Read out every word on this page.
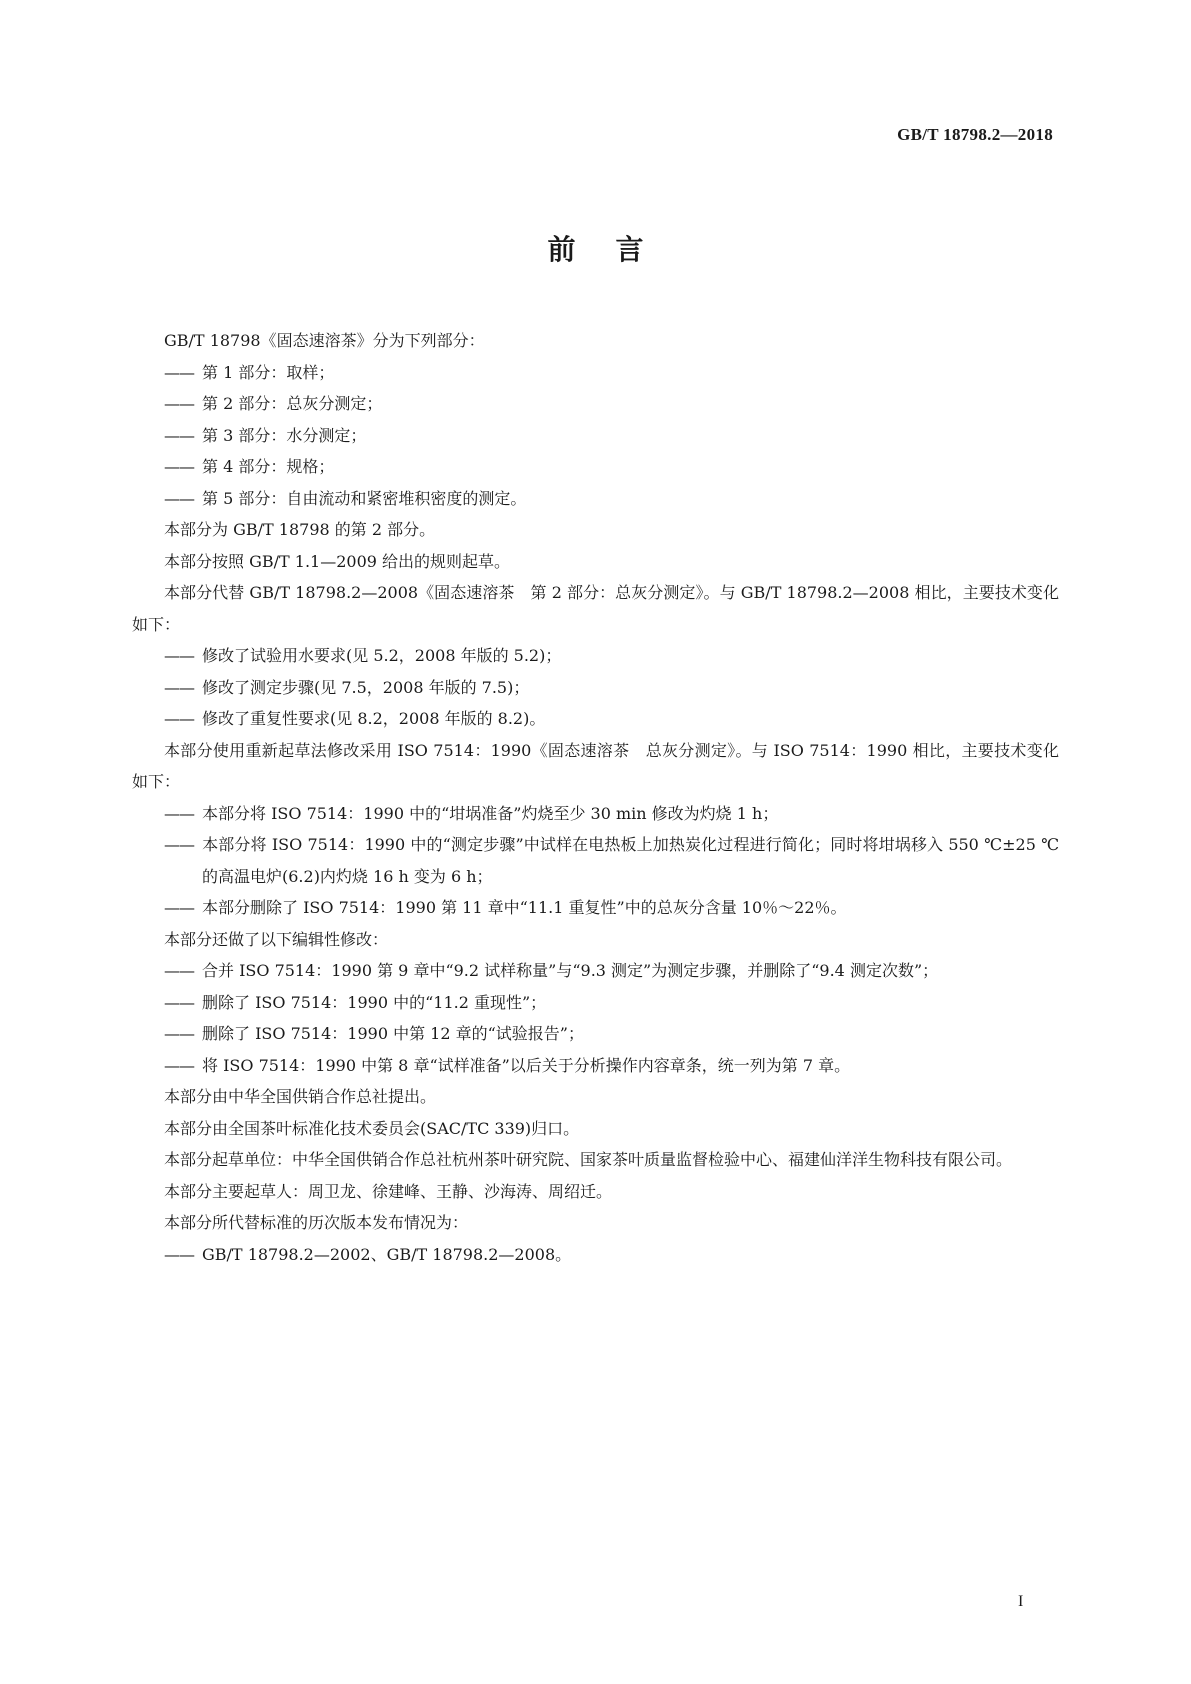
GB/T 18798.2—2018
前言

GB/T 18798《固态速溶茶》分为下列部分：

—— 第 1 部分：取样；

—— 第 2 部分：总灰分测定；

—— 第 3 部分：水分测定；

—— 第 4 部分：规格；

—— 第 5 部分：自由流动和紧密堆积密度的测定。

本部分为 GB/T 18798 的第 2 部分。

本部分按照 GB/T 1.1—2009 给出的规则起草。

本部分代替 GB/T 18798.2—2008《固态速溶茶　第 2 部分：总灰分测定》。与 GB/T 18798.2—2008 相比，主要技术变化如下：

—— 修改了试验用水要求(见 5.2，2008 年版的 5.2)；

—— 修改了测定步骤(见 7.5，2008 年版的 7.5)；

—— 修改了重复性要求(见 8.2，2008 年版的 8.2)。

本部分使用重新起草法修改采用 ISO 7514：1990《固态速溶茶　总灰分测定》。与 ISO 7514：1990 相比，主要技术变化如下：

—— 本部分将 ISO 7514：1990 中的“坩埚准备”灼烧至少 30 min 修改为灼烧 1 h；

—— 本部分将 ISO 7514：1990 中的“测定步骤”中试样在电热板上加热炭化过程进行简化；同时将坩埚移入 550 ℃±25 ℃的高温电炉(6.2)内灼烧 16 h 变为 6 h；

—— 本部分删除了 ISO 7514：1990 第 11 章中“11.1 重复性”中的总灰分含量 10％～22％。

本部分还做了以下编辑性修改：

—— 合并 ISO 7514：1990 第 9 章中“9.2 试样称量”与“9.3 测定”为测定步骤，并删除了“9.4 测定次数”；

—— 删除了 ISO 7514：1990 中的“11.2 重现性”；

—— 删除了 ISO 7514：1990 中第 12 章的“试验报告”；

—— 将 ISO 7514：1990 中第 8 章“试样准备”以后关于分析操作内容章条，统一列为第 7 章。

本部分由中华全国供销合作总社提出。

本部分由全国茶叶标准化技术委员会(SAC/TC 339)归口。

本部分起草单位：中华全国供销合作总社杭州茶叶研究院、国家茶叶质量监督检验中心、福建仙洋洋生物科技有限公司。

本部分主要起草人：周卫龙、徐建峰、王静、沙海涛、周绍迁。

本部分所代替标准的历次版本发布情况为：

—— GB/T 18798.2—2002、GB/T 18798.2—2008。

I
